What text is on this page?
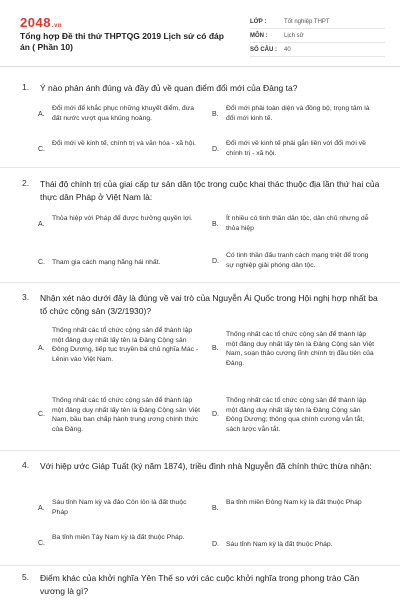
2048.vn
Tổng hợp Đề thi thử THPTQG 2019 Lịch sử có đáp án ( Phần 10)
LỚP :	Tốt nghiệp THPT
MÔN :	Lịch sử
SỐ CÂU :	40
1. Ý nào phản ánh đúng và đầy đủ về quan điểm đổi mới của Đảng ta?
A.
Đổi mới để khắc phục những khuyết điểm, đưa đất nước vượt qua khủng hoảng.	B.
Đổi mới phải toàn diện và đồng bộ, trọng tâm là đổi mới kinh tế.
C.
Đổi mới về kinh tế, chính trị và văn hóa - xã hội.
D.
Đổi mới về kinh tế phải gắn liền với đổi mới về chính trị - xã hội.
2. Thái độ chính trị của giai cấp tư sản dân tộc trong cuộc khai thác thuộc địa lần thứ hai của thực dân Pháp ở Việt Nam là:
A.
Thỏa hiệp với Pháp để được hưởng quyền lợi.
B.
Ít nhiều có tinh thần dân tộc, dân chủ nhưng dễ thỏa hiệp
C. Tham gia cách mạng hăng hái nhất.	D.
Có tinh thần đấu tranh cách mạng triệt để trong sự nghiệp giải phóng dân tộc.
3. Nhận xét nào dưới đây là đúng về vai trò của Nguyễn Ái Quốc trong Hội nghị hợp nhất ba tổ chức cộng sản (3/2/1930)?
A.
Thống nhất các tổ chức cộng sản để thành lập một đảng duy nhất lấy tên là Đảng Cộng sản Đông Dương, tiếp tục truyền bá chủ nghĩa Mác - Lênin vào Việt Nam.
B.
Thống nhất các tổ chức cộng sản để thành lập một đảng duy nhất lấy tên là Đảng Cộng sản Việt Nam, soạn thảo cương lĩnh chính trị đầu tiên của Đảng.
C.
Thống nhất các tổ chức cộng sản để thành lập một đảng duy nhất lấy tên là Đảng Cộng sản Việt Nam, bầu ban chấp hành trung ương chính thức của Đảng.
D.
Thống nhất các tổ chức cộng sản để thành lập một đảng duy nhất lấy tên là Đảng Cộng sản Đông Dương; thông qua chính cương vắn tắt, sách lược vắn tắt.
4. Với hiệp ước Giáp Tuất (ký năm 1874), triều đình nhà Nguyễn đã chính thức thừa nhận:
A.
Sáu tỉnh Nam kỳ và đảo Côn lôn là đất thuộc Pháp	B.
Ba tỉnh miền Đông Nam kỳ là đất thuộc Pháp
C.
Ba tỉnh miền Tây Nam kỳ là đất thuộc Pháp.
D. Sáu tỉnh Nam kỳ là đất thuộc Pháp.
5. Điểm khác của khởi nghĩa Yên Thế so với các cuộc khởi nghĩa trong phong trào Cần vương là gì?
